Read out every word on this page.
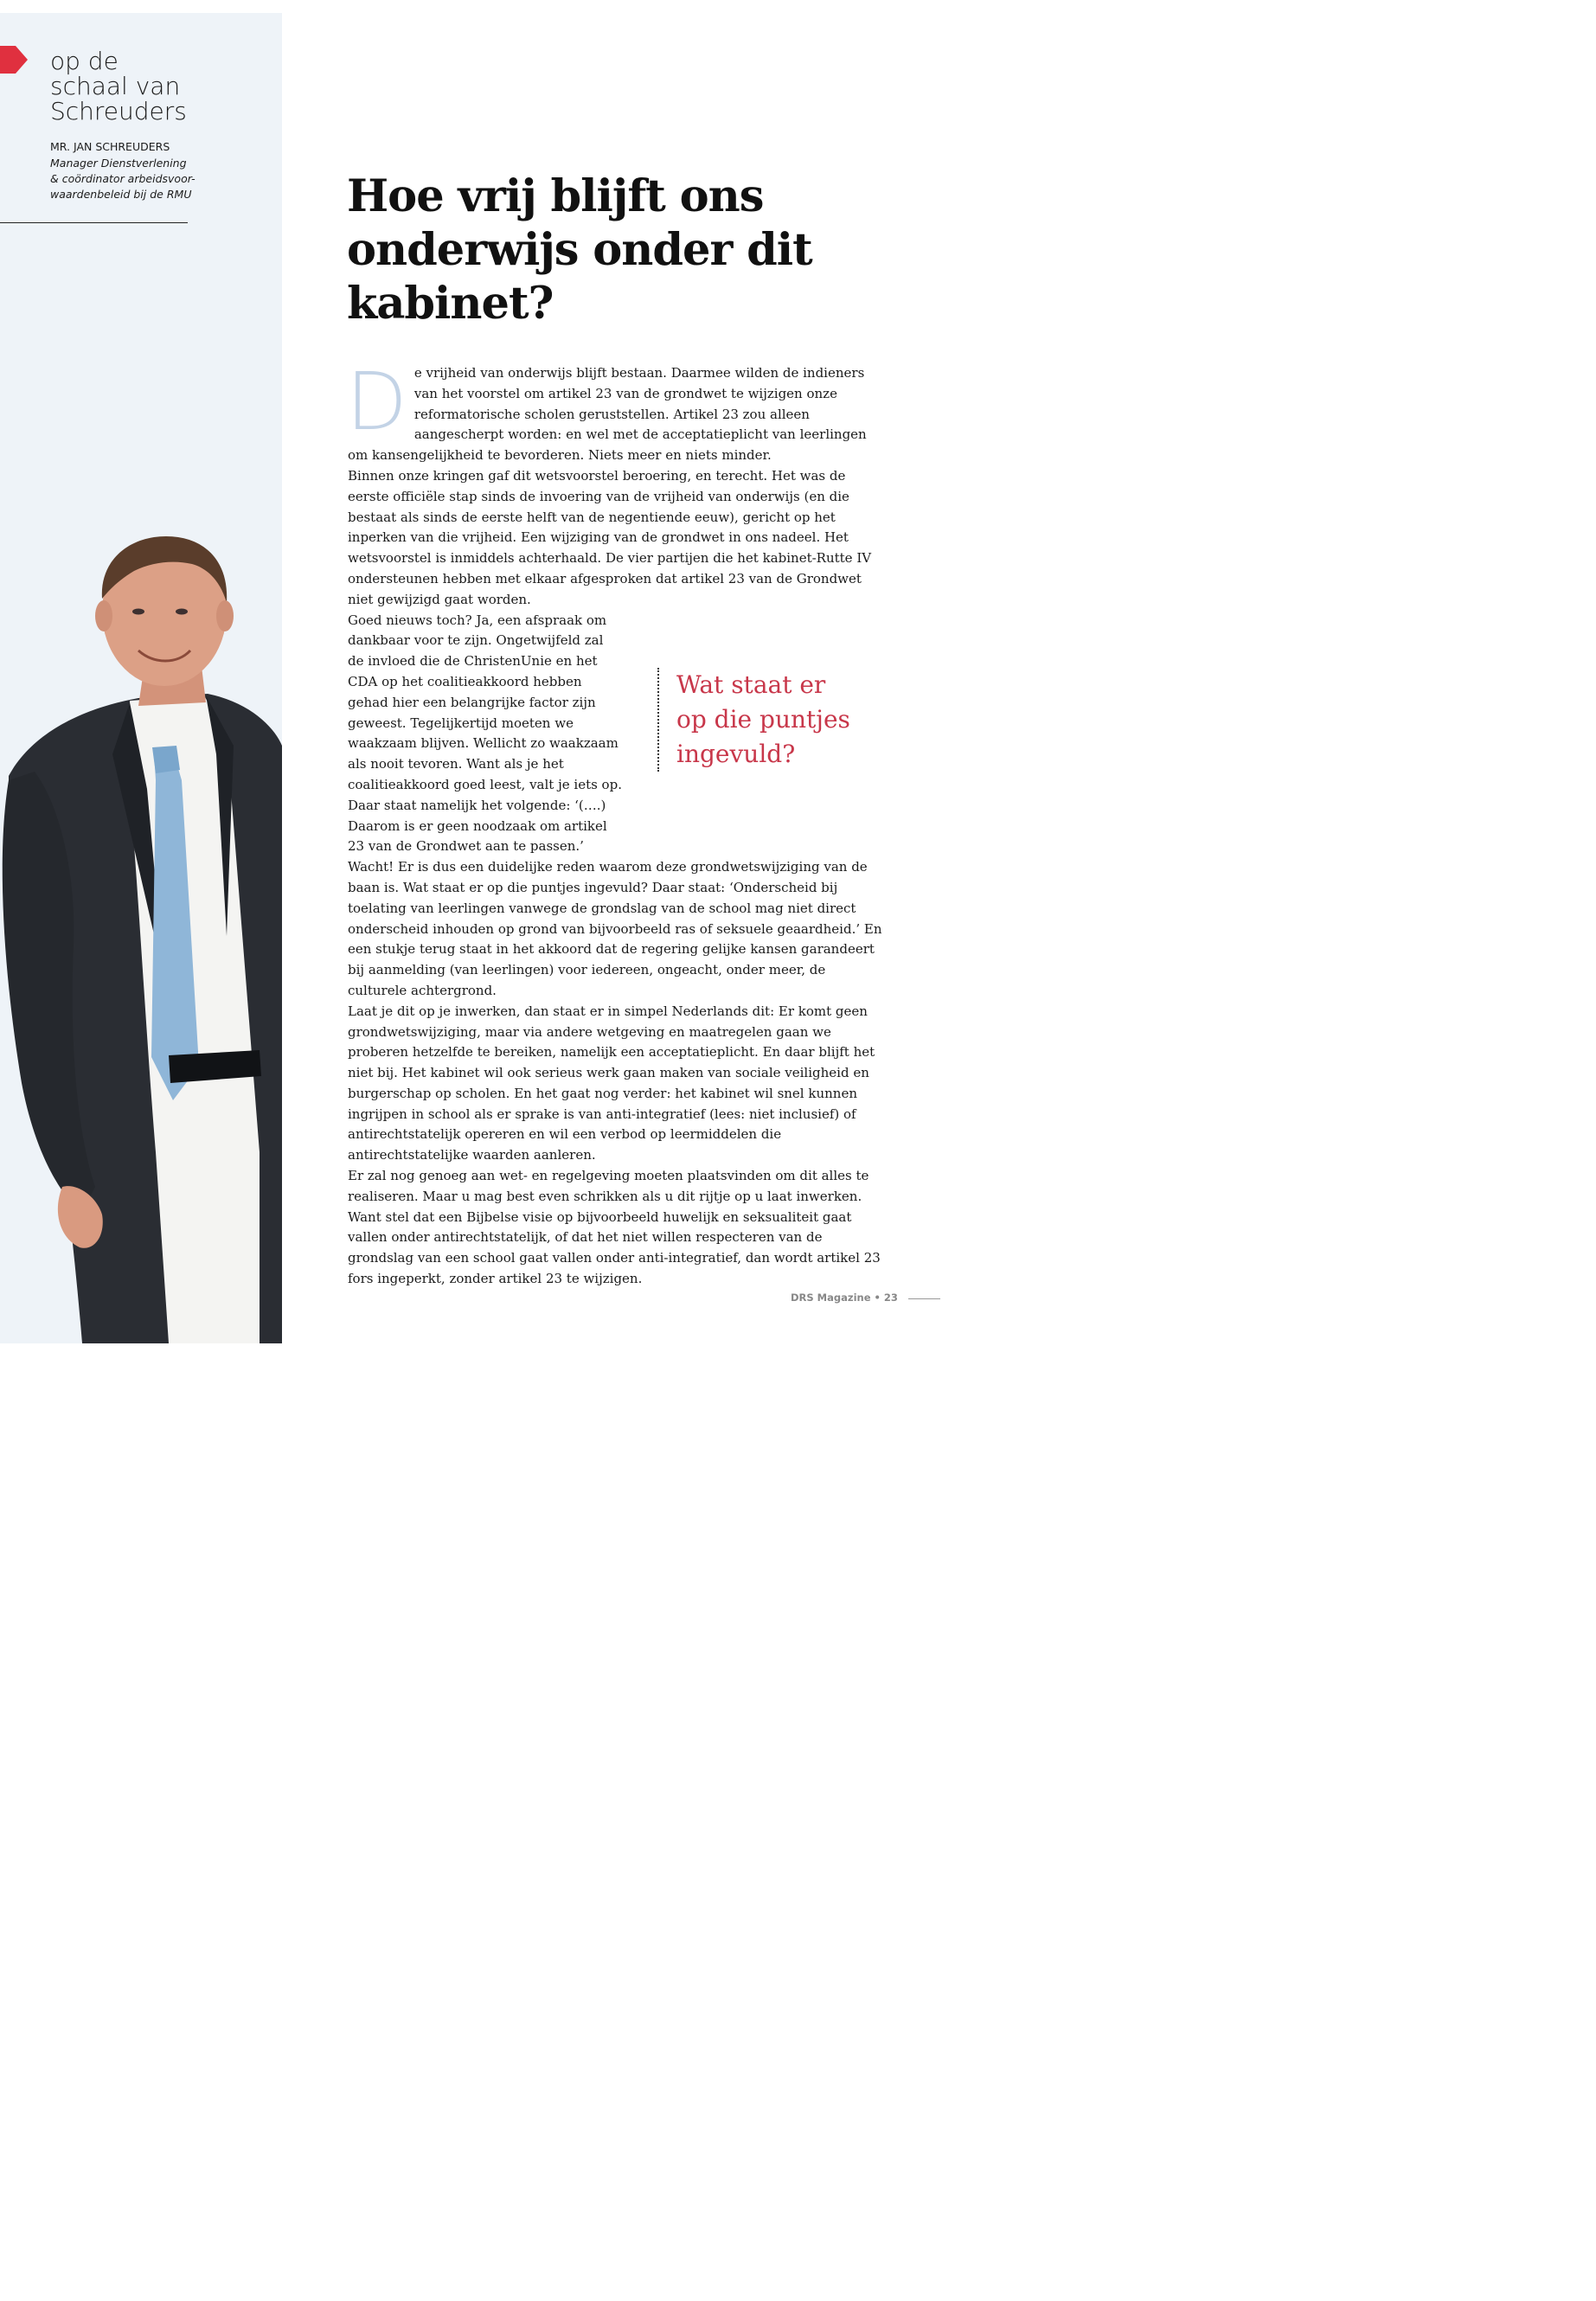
op de
schaal van
Schreuders
MR. JAN SCHREUDERS
Manager Dienstverlening
& coördinator arbeidsvoor-
waardenbeleid bij de RMU	Hoe vrij blijft ons
onderwijs onder dit
kabinet?

De vrijheid van onderwijs blijft bestaan. Daarmee wilden de indieners van het voorstel om artikel 23 van de grondwet te wijzigen onze reformatorische scholen geruststellen. Artikel 23 zou alleen aangescherpt worden: en wel met de acceptatieplicht van leerlingen om kansengelijkheid te bevorderen. Niets meer en niets minder.

Binnen onze kringen gaf dit wetsvoorstel beroering, en terecht. Het was de eerste officiële stap sinds de invoering van de vrijheid van onderwijs (en die bestaat als sinds de eerste helft van de negentiende eeuw), gericht op het inperken van die vrijheid. Een wijziging van de grondwet in ons nadeel. Het wetsvoorstel is inmiddels achterhaald. De vier partijen die het kabinet-Rutte IV ondersteunen hebben met elkaar afgesproken dat artikel 23 van de Grondwet niet gewijzigd gaat worden.

Goed nieuws toch? Ja, een afspraak om dankbaar voor te zijn. Ongetwijfeld zal de invloed die de ChristenUnie en het CDA op het coalitieakkoord hebben gehad hier een belangrijke factor zijn geweest. Tegelijkertijd moeten we waakzaam blijven. Wellicht zo waakzaam als nooit tevoren. Want als je het coalitieakkoord goed leest, valt je iets op. Daar staat namelijk het volgende: ‘(….) Daarom is er geen noodzaak om artikel 23 van de Grondwet aan te passen.’

Wacht! Er is dus een duidelijke reden waarom deze grondwetswijziging van de baan is. Wat staat er op die puntjes ingevuld? Daar staat: ‘Onderscheid bij toelating van leerlingen vanwege de grondslag van de school mag niet direct onderscheid inhouden op grond van bijvoorbeeld ras of seksuele geaardheid.’ En een stukje terug staat in het akkoord dat de regering gelijke kansen garandeert bij aanmelding (van leerlingen) voor iedereen, ongeacht, onder meer, de culturele achtergrond.

Laat je dit op je inwerken, dan staat er in simpel Nederlands dit: Er komt geen grondwetswijziging, maar via andere wetgeving en maatregelen gaan we proberen hetzelfde te bereiken, namelijk een acceptatieplicht. En daar blijft het niet bij. Het kabinet wil ook serieus werk gaan maken van sociale veiligheid en burgerschap op scholen. En het gaat nog verder: het kabinet wil snel kunnen ingrijpen in school als er sprake is van anti-integratief (lees: niet inclusief) of antirechtstatelijk opereren en wil een verbod op leermiddelen die antirechtstatelijke waarden aanleren.

Er zal nog genoeg aan wet- en regelgeving moeten plaatsvinden om dit alles te realiseren. Maar u mag best even schrikken als u dit rijtje op u laat inwerken. Want stel dat een Bijbelse visie op bijvoorbeeld huwelijk en seksualiteit gaat vallen onder antirechtstatelijk, of dat het niet willen respecteren van de grondslag van een school gaat vallen onder anti-integratief, dan wordt artikel 23 fors ingeperkt, zonder artikel 23 te wijzigen.

Wat staat er
op die puntjes
ingevuld?

DRS Magazine • 23
